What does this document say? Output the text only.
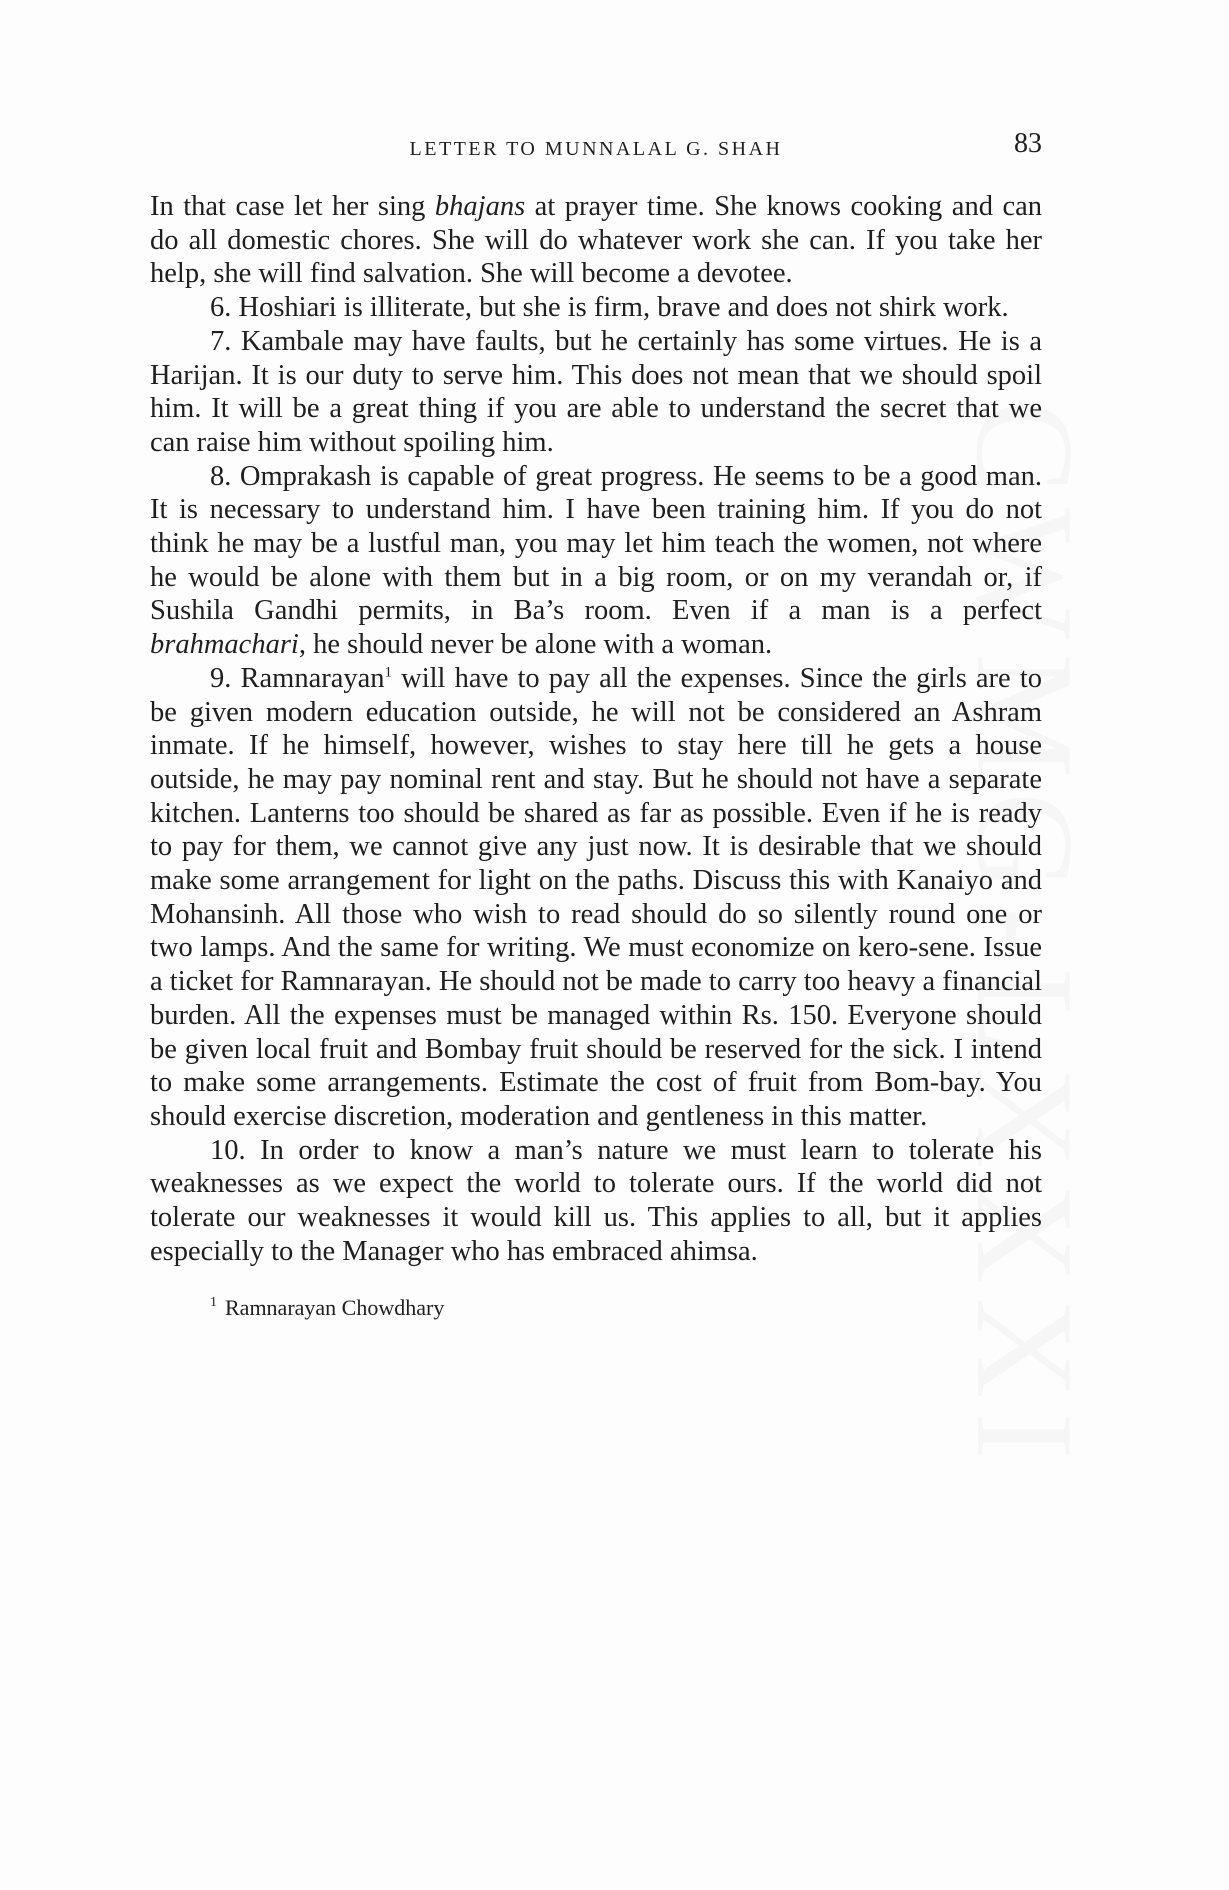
CWMG-LXXXI
LETTER TO MUNNALAL G. SHAH	83

In that case let her sing bhajans at prayer time. She knows cooking and can do all domestic chores. She will do whatever work she can. If you take her help, she will find salvation. She will become a devotee.

6. Hoshiari is illiterate, but she is firm, brave and does not shirk work.

7. Kambale may have faults, but he certainly has some virtues. He is a Harijan. It is our duty to serve him. This does not mean that we should spoil him. It will be a great thing if you are able to understand the secret that we can raise him without spoiling him.

8. Omprakash is capable of great progress. He seems to be a good man. It is necessary to understand him. I have been training him. If you do not think he may be a lustful man, you may let him teach the women, not where he would be alone with them but in a big room, or on my verandah or, if Sushila Gandhi permits, in Ba’s room. Even if a man is a perfect brahmachari, he should never be alone with a woman.

9. Ramnarayan$^1$ will have to pay all the expenses. Since the girls are to be given modern education outside, he will not be considered an Ashram inmate. If he himself, however, wishes to stay here till he gets a house outside, he may pay nominal rent and stay. But he should not have a separate kitchen. Lanterns too should be shared as far as possible. Even if he is ready to pay for them, we cannot give any just now. It is desirable that we should make some arrangement for light on the paths. Discuss this with Kanaiyo and Mohansinh. All those who wish to read should do so silently round one or two lamps. And the same for writing. We must economize on kero-sene. Issue a ticket for Ramnarayan. He should not be made to carry too heavy a financial burden. All the expenses must be managed within Rs. 150. Everyone should be given local fruit and Bombay fruit should be reserved for the sick. I intend to make some arrangements. Estimate the cost of fruit from Bom-bay. You should exercise discretion, moderation and gentleness in this matter.

10. In order to know a man’s nature we must learn to tolerate his weaknesses as we expect the world to tolerate ours. If the world did not tolerate our weaknesses it would kill us. This applies to all, but it applies especially to the Manager who has embraced ahimsa.

$^1$ Ramnarayan Chowdhary
